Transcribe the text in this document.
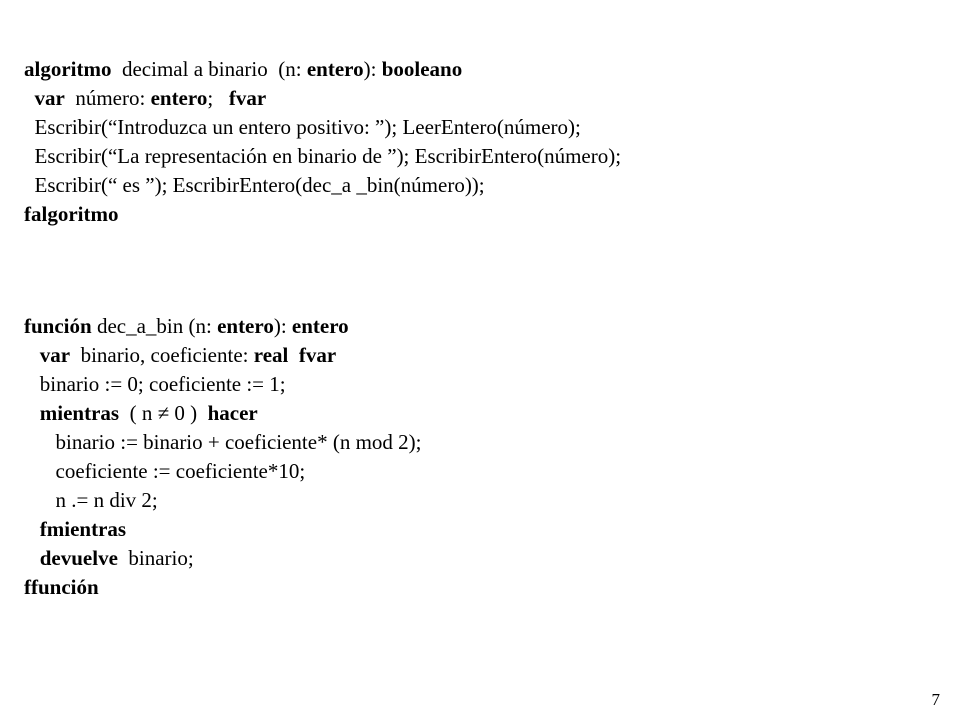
algoritmo  decimal a binario  (n: entero): booleano
var  número: entero;   fvar
Escribir(“Introduzca un entero positivo: ”); LeerEntero(número);
Escribir(“La representación en binario de ”); EscribirEntero(número);
Escribir(“ es ”); EscribirEntero(dec_a _bin(número));
falgoritmo
función dec_a_bin (n: entero): entero
var  binario, coeficiente: real fvar
binario := 0; coeficiente := 1;
mientras  ( n ≠ 0 )  hacer
binario := binario + coeficiente* (n mod 2);
coeficiente := coeficiente*10;
n .= n div 2;
fmientras
devuelve  binario;
ffunción
7
